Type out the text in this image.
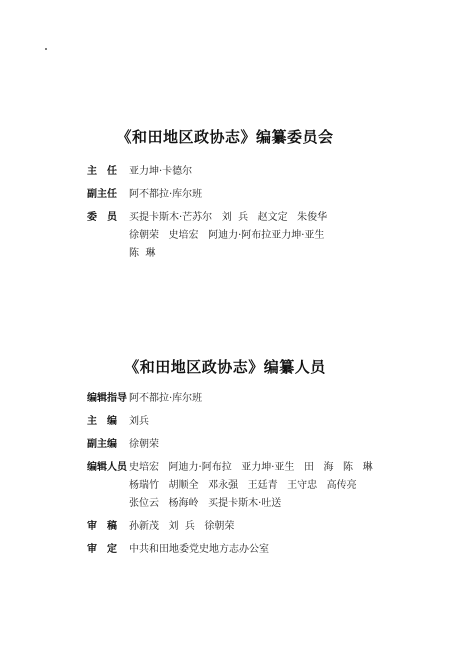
《和田地区政协志》编纂委员会
主 任 亚力坤·卡德尔
副主任	阿不都拉·库尔班
委 员 买提卡斯木·芒苏尔   刘  兵   赵文定   朱俊华
徐朝荣   史培宏   阿迪力·阿布拉亚力坤·亚生
陈  琳
《和田地区政协志》编纂人员
编辑指导 阿不都拉·库尔班
主 编 刘兵
副主编	徐朝荣
编辑人员 史培宏   阿迪力·阿布拉   亚力坤·亚生   田   海   陈   琳
杨瑞竹   胡顺全   邓永强   王廷青   王守忠   高传亮
张位云   杨海岭   买提卡斯木·吐送
审 稿 孙新茂   刘  兵   徐朝荣
审 定 中共和田地委党史地方志办公室
